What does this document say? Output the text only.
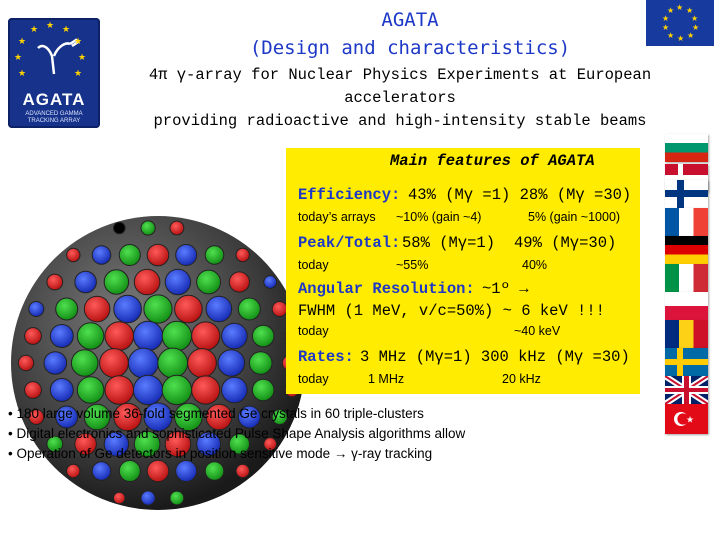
★ ★
★
★
★
★
★
★
★
AGATA
ADVANCED GAMMA
TRACKING ARRAY
★ ★
★
★
★
★
★
★
★
★
AGATA
(Design and characteristics)
4π γ-array for Nuclear Physics Experiments at European accelerators
providing radioactive and high-intensity stable beams
Main features of AGATA
Efficiency: 43% (Mγ =1) 28% (Mγ =30)
today’s arrays ~10% (gain ~4)	5% (gain ~1000)
Peak/Total: 58% (Mγ=1) 49% (Mγ=30)
today	~55%	40%
Angular Resolution: ~1º →
FWHM (1 MeV, v/c=50%) ~ 6 keV !!!
today	~40 keV
Rates: 3 MHz (Mγ=1) 300 kHz (Mγ =30)
today	1 MHz	20 kHz
• 180 large volume 36-fold segmented Ge crystals in 60 triple-clusters
• Digital electronics and sophisticated Pulse Shape Analysis algorithms allow
• Operation of Ge detectors in position sensitive mode → γ-ray tracking
★
